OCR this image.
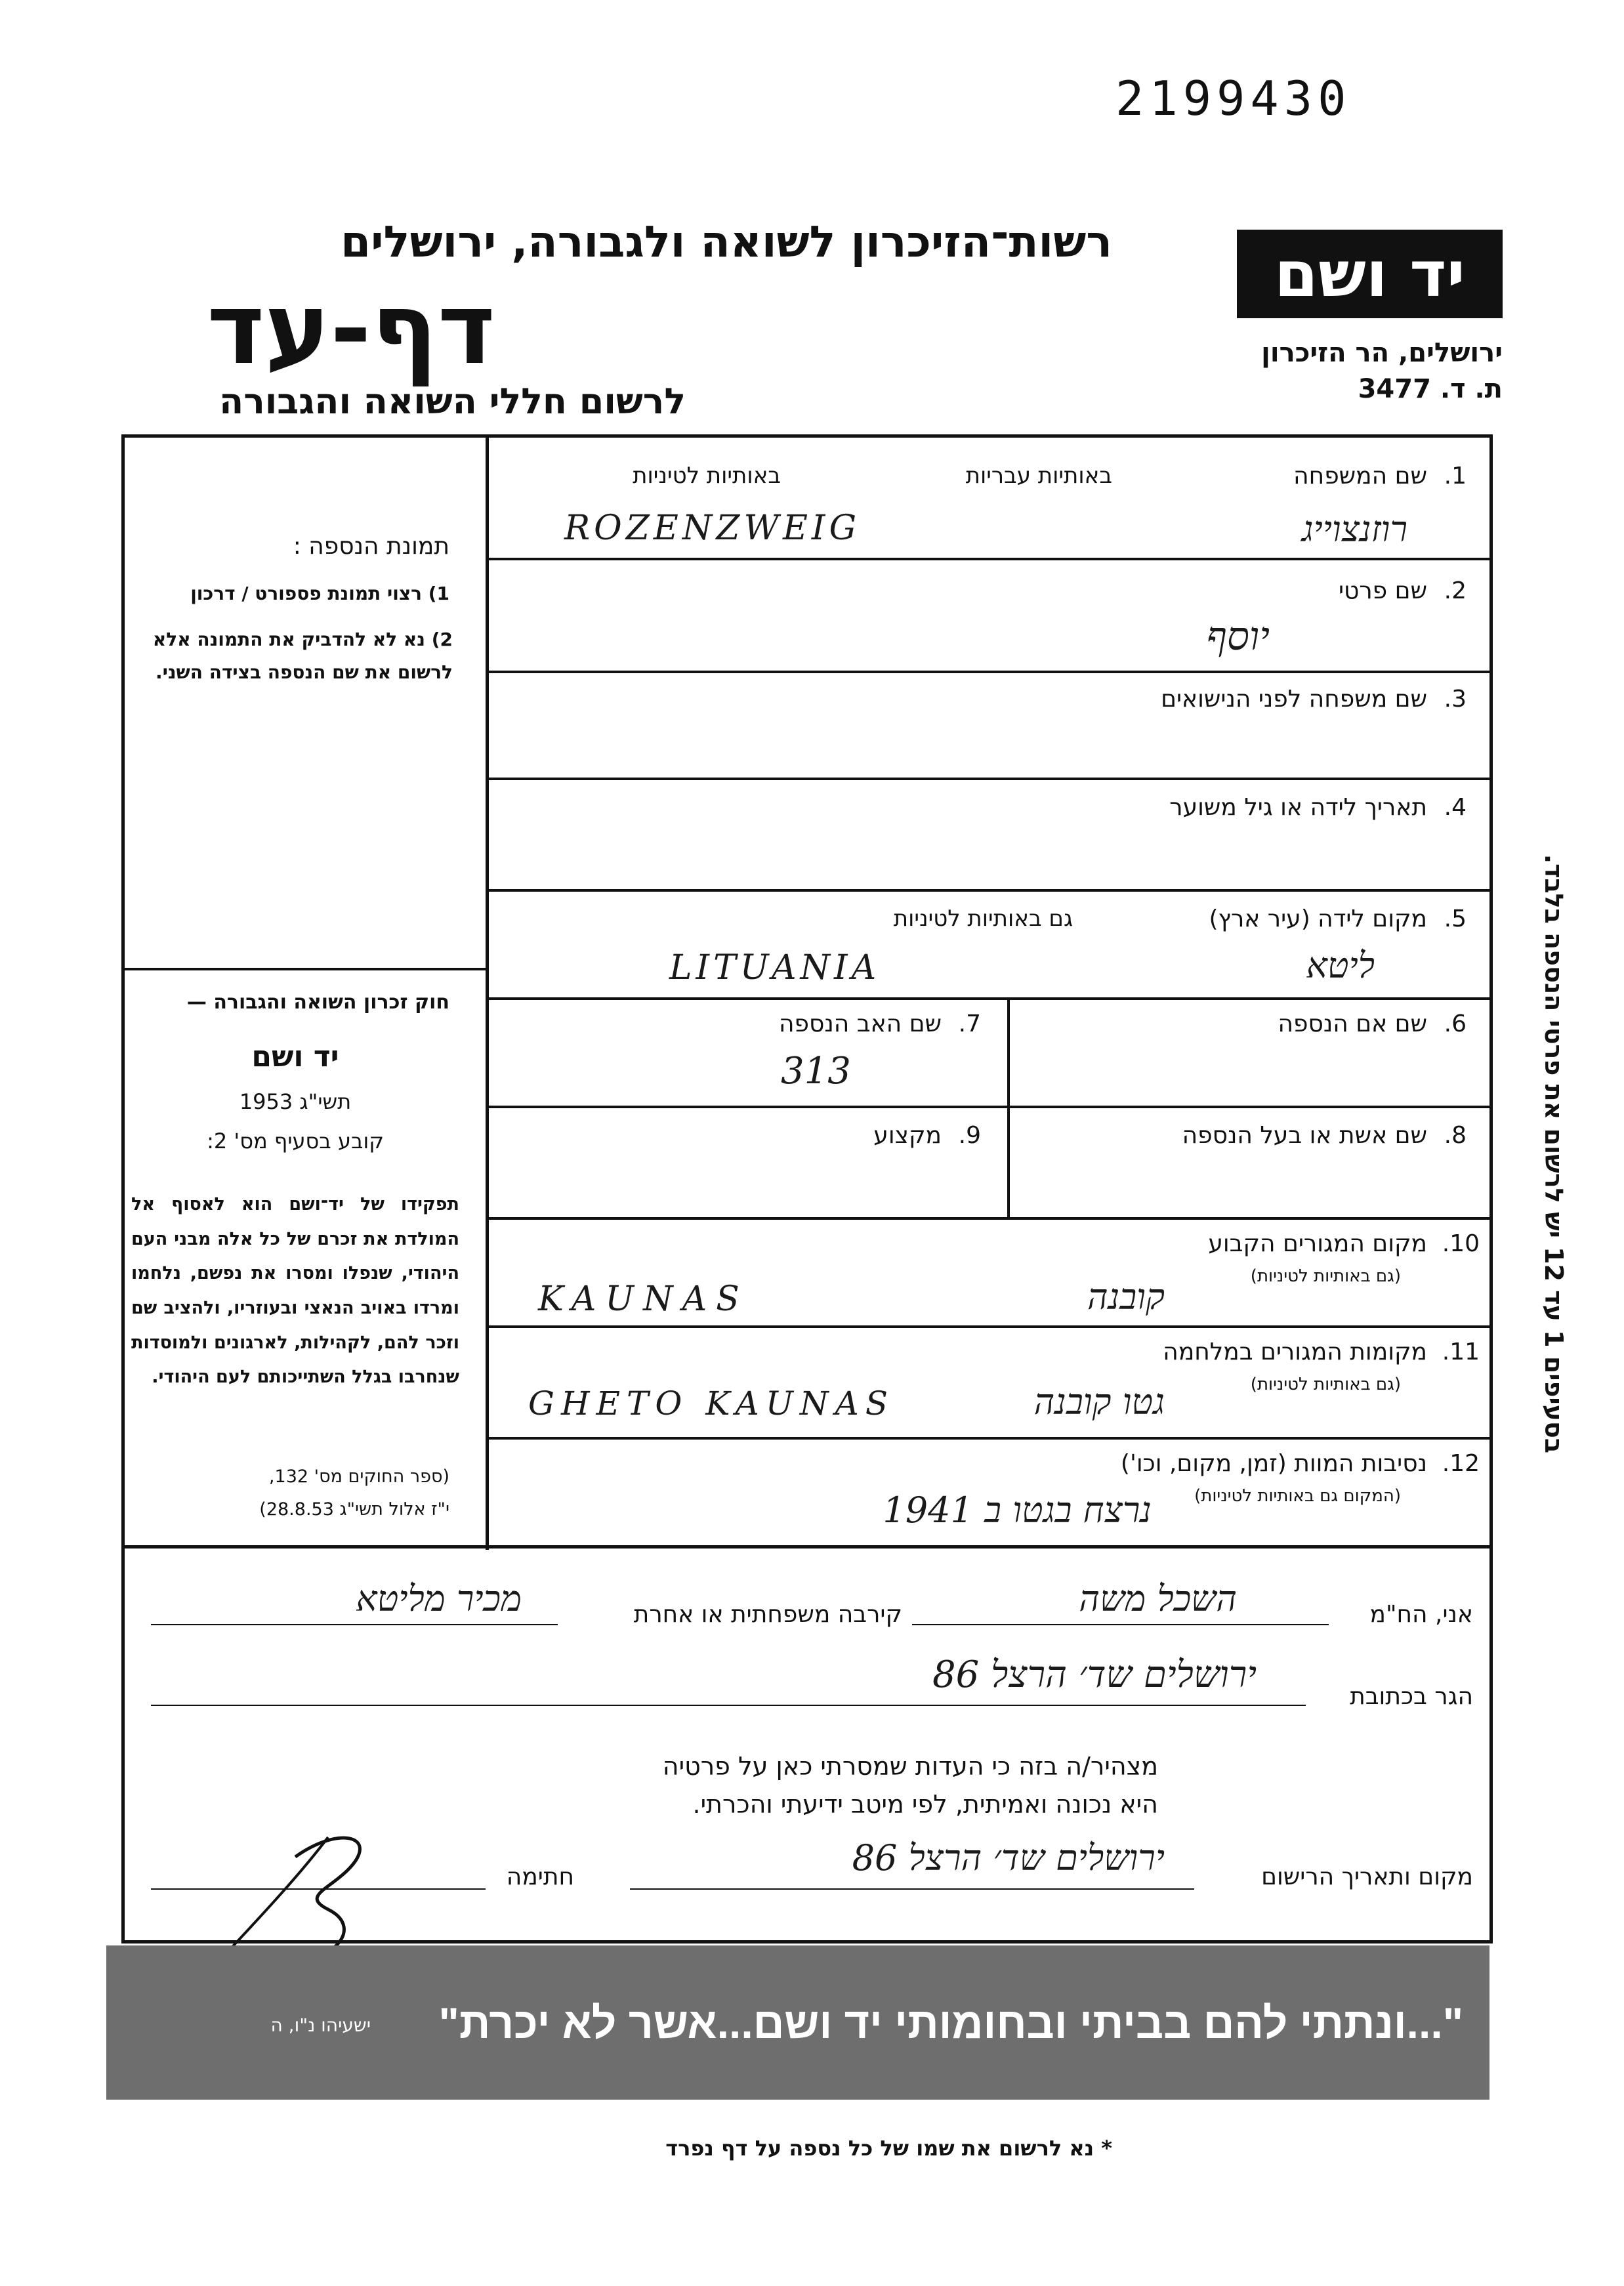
2199430
רשות־הזיכרון לשואה ולגבורה, ירושלים
דף-עד
לרשום חללי השואה והגבורה
יד ושם
ירושלים, הר הזיכרון
ת. ד. 3477
תמונת הנספה :
1) רצוי תמונת פספורט / דרכון
2) נא לא להדביק את התמונה אלא לרשום את שם הנספה בצידה השני.
חוק זכרון השואה והגבורה —
יד ושם
תשי"ג 1953
קובע בסעיף מס' 2:
תפקידו של יד־ושם הוא לאסוף אל המולדת את זכרם של כל אלה מבני העם היהודי, שנפלו ומסרו את נפשם, נלחמו ומרדו באויב הנאצי ובעוזריו, ולהציב שם וזכר להם, לקהילות, לארגונים ולמוסדות שנחרבו בגלל השתייכותם לעם היהודי.
(ספר החוקים מס' 132,
י"ז אלול תשי"ג 28.8.53)
בסעיפים 1 עד 12 יש לרשום את פרטי הנספה בלבד.
1.
שם המשפחה
באותיות עבריות
באותיות לטיניות
ROZENZWEIG	רוזנצוייג
2.
שם פרטי
יוסף
3.
שם משפחה לפני הנישואים
4.
תאריך לידה או גיל משוער
5.
מקום לידה (עיר ארץ)
גם באותיות לטיניות
LITUANIA	ליטא
6.
שם אם הנספה
7.
שם האב הנספה
313
8.
שם אשת או בעל הנספה
9.
מקצוע
10.
מקום המגורים הקבוע
(גם באותיות לטיניות)
KAUNAS	קובנה
11.
מקומות המגורים במלחמה
(גם באותיות לטיניות)
GHETO KAUNAS	גטו קובנה
12.
נסיבות המוות (זמן, מקום, וכו')
(המקום גם באותיות לטיניות)
נרצח בגטו ב 1941
אני, הח"מ
השכל משה
קירבה משפחתית או אחרת
מכיר מליטא
הגר בכתובת
ירושלים שד׳ הרצל 86
מצהיר/ה בזה כי העדות שמסרתי כאן על פרטיה
היא נכונה ואמיתית, לפי מיטב ידיעתי והכרתי.
מקום ותאריך הרישום
ירושלים שד׳ הרצל 86
חתימה
"...ונתתי להם בביתי ובחומותי יד ושם...אשר לא יכרת"
ישעיהו נ"ו, ה
* נא לרשום את שמו של כל נספה על דף נפרד
